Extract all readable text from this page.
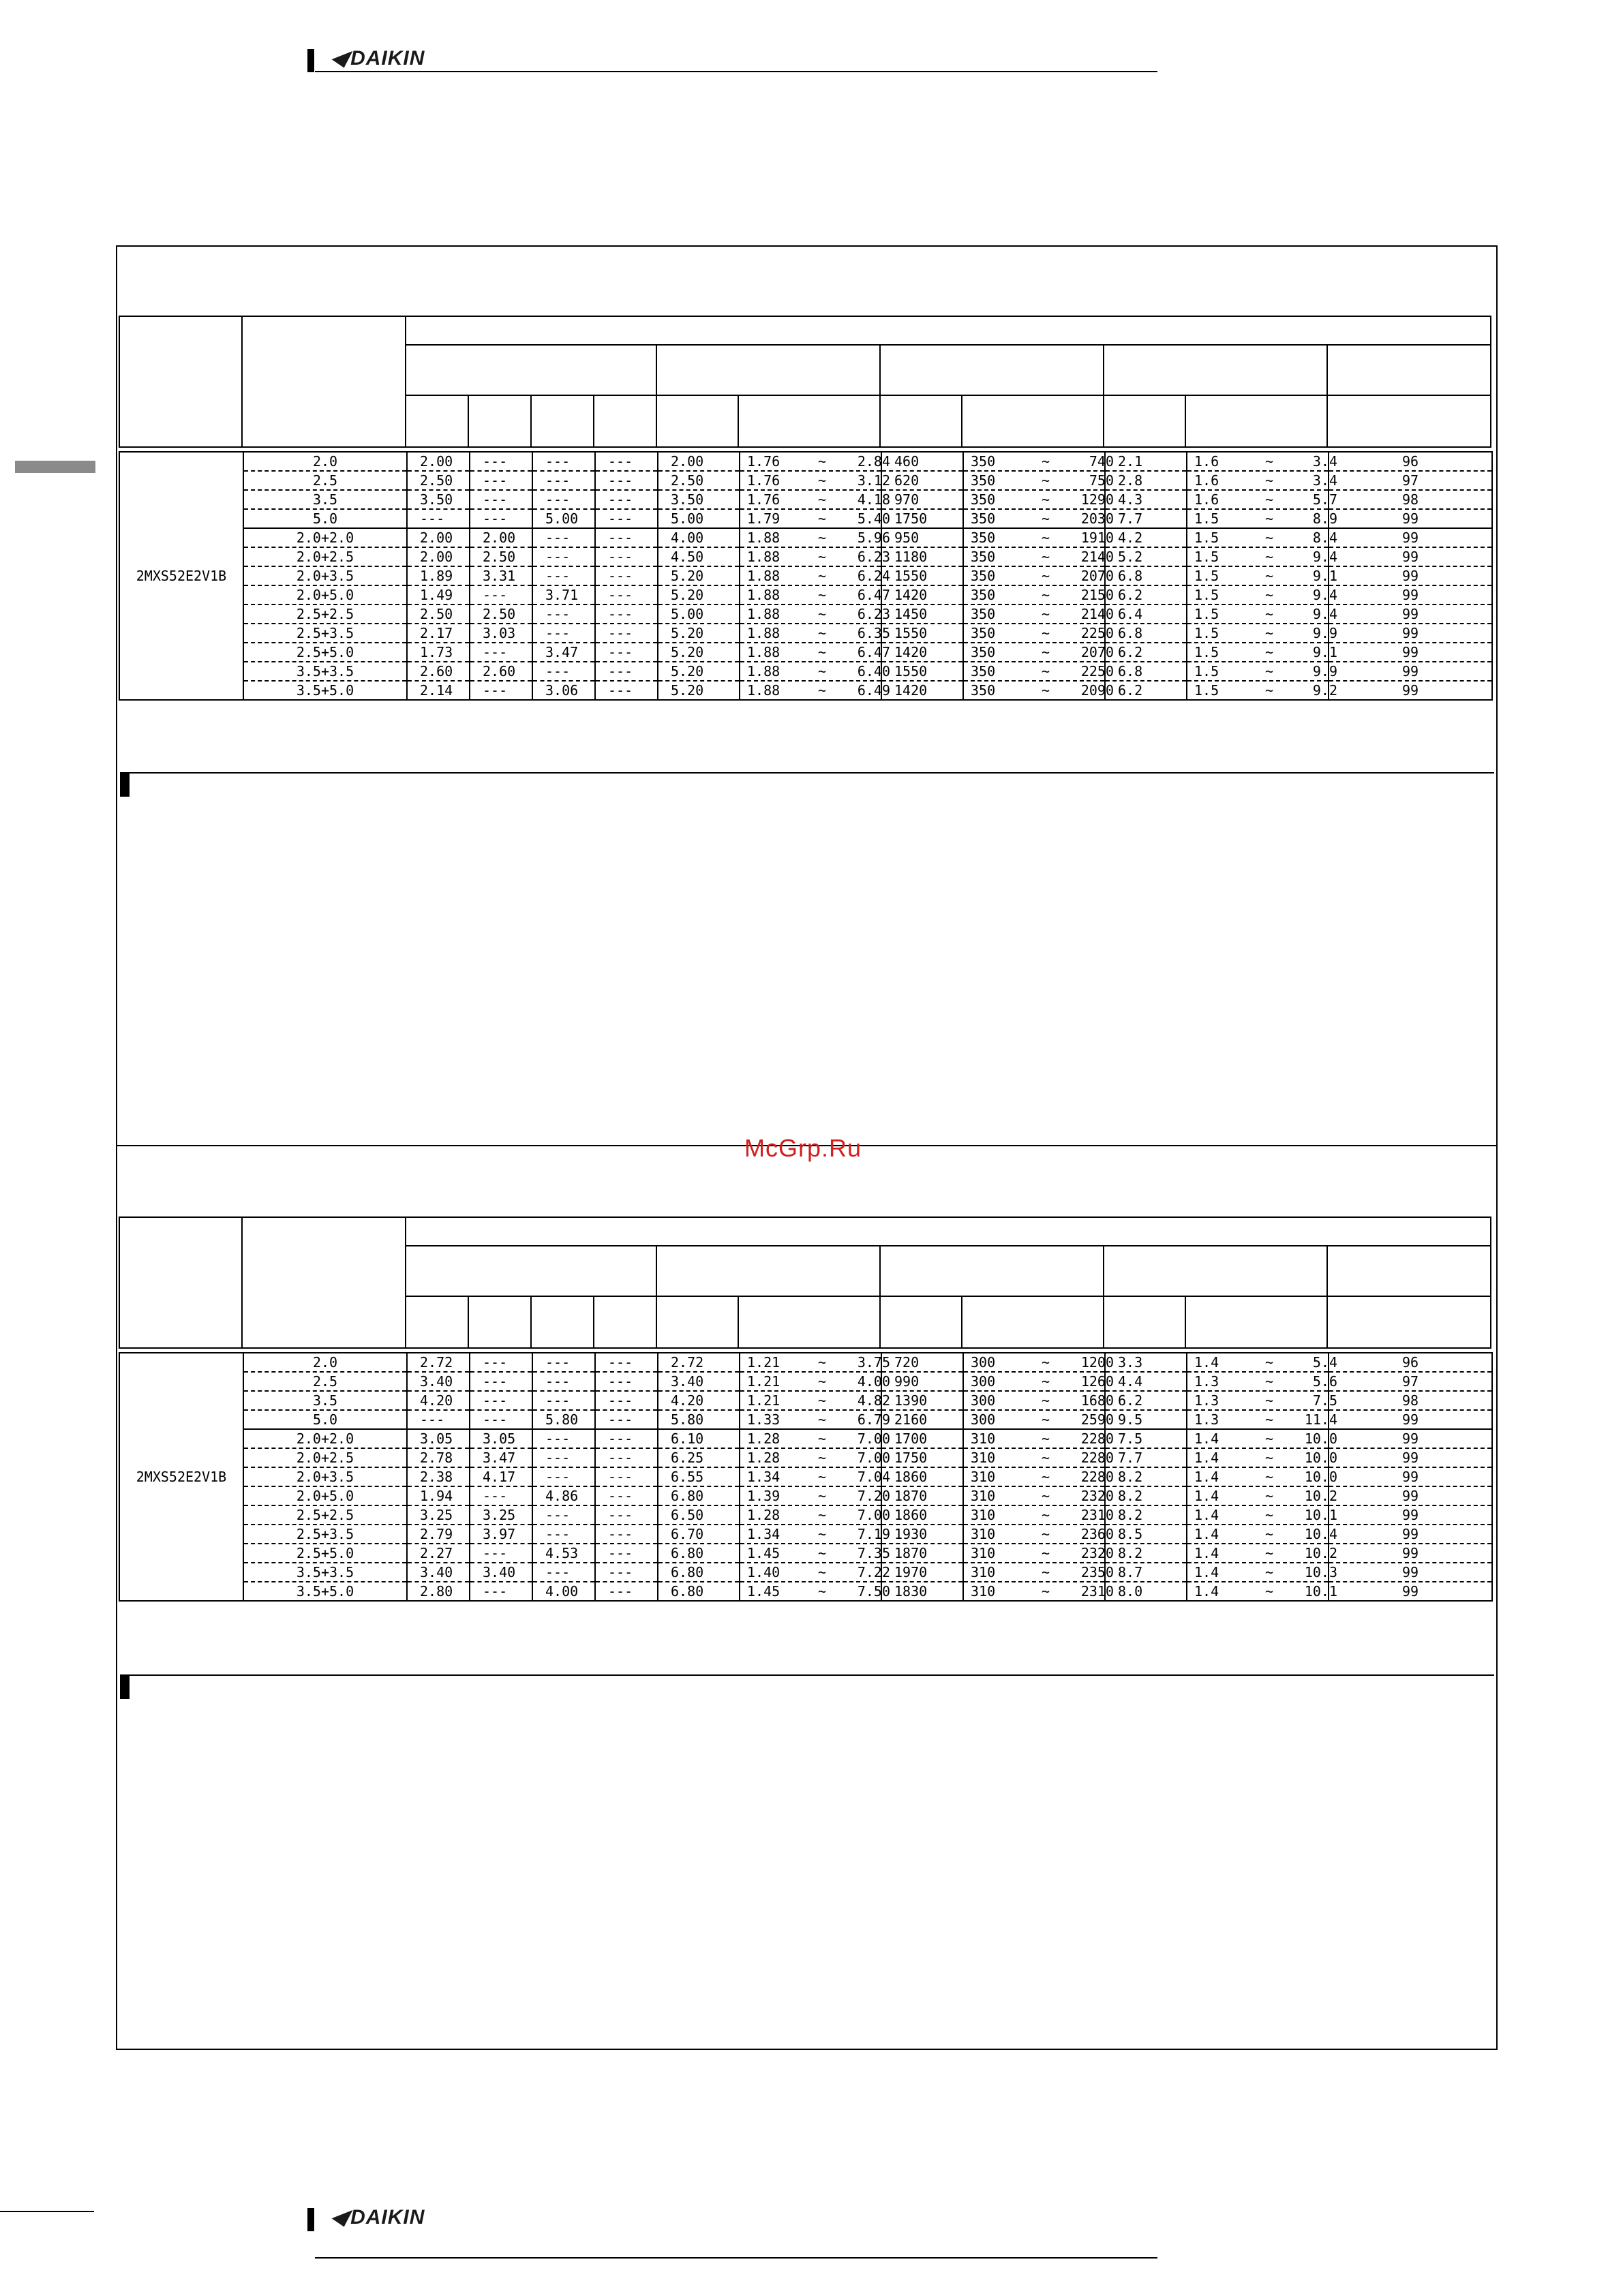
◀DAIKIN
McGrp.Ru
2MXS52E2V1B	2.0	2.00	---	---	---	2.00	1.76 ~ 2.84	460	350 ~ 740	2.1	1.6 ~ 3.4	96
	2.5	2.50	---	---	---	2.50	1.76 ~ 3.12	620	350 ~ 750	2.8	1.6 ~ 3.4	97
	3.5	3.50	---	---	---	3.50	1.76 ~ 4.18	970	350 ~ 1290	4.3	1.6 ~ 5.7	98
	5.0	---	---	5.00	---	5.00	1.79 ~ 5.40	1750	350 ~ 2030	7.7	1.5 ~ 8.9	99
	2.0+2.0	2.00	2.00	---	---	4.00	1.88 ~ 5.96	950	350 ~ 1910	4.2	1.5 ~ 8.4	99
	2.0+2.5	2.00	2.50	---	---	4.50	1.88 ~ 6.23	1180	350 ~ 2140	5.2	1.5 ~ 9.4	99
	2.0+3.5	1.89	3.31	---	---	5.20	1.88 ~ 6.24	1550	350 ~ 2070	6.8	1.5 ~ 9.1	99
	2.0+5.0	1.49	---	3.71	---	5.20	1.88 ~ 6.47	1420	350 ~ 2150	6.2	1.5 ~ 9.4	99
	2.5+2.5	2.50	2.50	---	---	5.00	1.88 ~ 6.23	1450	350 ~ 2140	6.4	1.5 ~ 9.4	99
	2.5+3.5	2.17	3.03	---	---	5.20	1.88 ~ 6.35	1550	350 ~ 2250	6.8	1.5 ~ 9.9	99
	2.5+5.0	1.73	---	3.47	---	5.20	1.88 ~ 6.47	1420	350 ~ 2070	6.2	1.5 ~ 9.1	99
	3.5+3.5	2.60	2.60	---	---	5.20	1.88 ~ 6.40	1550	350 ~ 2250	6.8	1.5 ~ 9.9	99
	3.5+5.0	2.14	---	3.06	---	5.20	1.88 ~ 6.49	1420	350 ~ 2090	6.2	1.5 ~ 9.2	99
2MXS52E2V1B	2.0	2.72	---	---	---	2.72	1.21 ~ 3.75	720	300 ~ 1200	3.3	1.4 ~ 5.4	96
	2.5	3.40	---	---	---	3.40	1.21 ~ 4.00	990	300 ~ 1260	4.4	1.3 ~ 5.6	97
	3.5	4.20	---	---	---	4.20	1.21 ~ 4.82	1390	300 ~ 1680	6.2	1.3 ~ 7.5	98
	5.0	---	---	5.80	---	5.80	1.33 ~ 6.79	2160	300 ~ 2590	9.5	1.3 ~ 11.4	99
	2.0+2.0	3.05	3.05	---	---	6.10	1.28 ~ 7.00	1700	310 ~ 2280	7.5	1.4 ~ 10.0	99
	2.0+2.5	2.78	3.47	---	---	6.25	1.28 ~ 7.00	1750	310 ~ 2280	7.7	1.4 ~ 10.0	99
	2.0+3.5	2.38	4.17	---	---	6.55	1.34 ~ 7.04	1860	310 ~ 2280	8.2	1.4 ~ 10.0	99
	2.0+5.0	1.94	---	4.86	---	6.80	1.39 ~ 7.20	1870	310 ~ 2320	8.2	1.4 ~ 10.2	99
	2.5+2.5	3.25	3.25	---	---	6.50	1.28 ~ 7.00	1860	310 ~ 2310	8.2	1.4 ~ 10.1	99
	2.5+3.5	2.79	3.97	---	---	6.70	1.34 ~ 7.19	1930	310 ~ 2360	8.5	1.4 ~ 10.4	99
	2.5+5.0	2.27	---	4.53	---	6.80	1.45 ~ 7.35	1870	310 ~ 2320	8.2	1.4 ~ 10.2	99
	3.5+3.5	3.40	3.40	---	---	6.80	1.40 ~ 7.22	1970	310 ~ 2350	8.7	1.4 ~ 10.3	99
	3.5+5.0	2.80	---	4.00	---	6.80	1.45 ~ 7.50	1830	310 ~ 2310	8.0	1.4 ~ 10.1	99
◀DAIKIN
